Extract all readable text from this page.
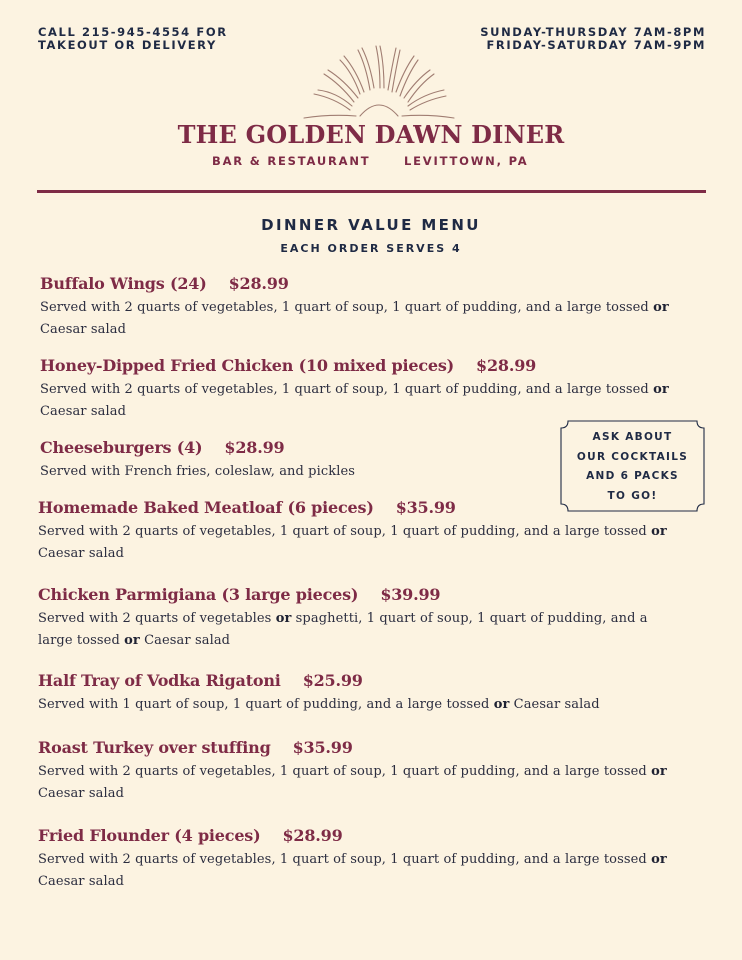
CALL 215-945-4554 FOR
TAKEOUT OR DELIVERY
SUNDAY-THURSDAY 7AM-8PM
FRIDAY-SATURDAY 7AM-9PM
THE GOLDEN DAWN DINER
BAR & RESTAURANT	LEVITTOWN, PA
DINNER VALUE MENU
EACH ORDER SERVES 4
Buffalo Wings (24) $28.99
Served with 2 quarts of vegetables, 1 quart of soup, 1 quart of pudding, and a large tossed or Caesar salad
Honey-Dipped Fried Chicken (10 mixed pieces) $28.99
Served with 2 quarts of vegetables, 1 quart of soup, 1 quart of pudding, and a large tossed or Caesar salad
Cheeseburgers (4) $28.99
Served with French fries, coleslaw, and pickles
Homemade Baked Meatloaf (6 pieces) $35.99
Served with 2 quarts of vegetables, 1 quart of soup, 1 quart of pudding, and a large tossed or Caesar salad
Chicken Parmigiana (3 large pieces) $39.99
Served with 2 quarts of vegetables or spaghetti, 1 quart of soup, 1 quart of pudding, and a large tossed or Caesar salad
Half Tray of Vodka Rigatoni $25.99
Served with 1 quart of soup, 1 quart of pudding, and a large tossed or Caesar salad
Roast Turkey over stuffing $35.99
Served with 2 quarts of vegetables, 1 quart of soup, 1 quart of pudding, and a large tossed or Caesar salad
Fried Flounder (4 pieces) $28.99
Served with 2 quarts of vegetables, 1 quart of soup, 1 quart of pudding, and a large tossed or Caesar salad
ASK ABOUT
OUR COCKTAILS
AND 6 PACKS
TO GO!
